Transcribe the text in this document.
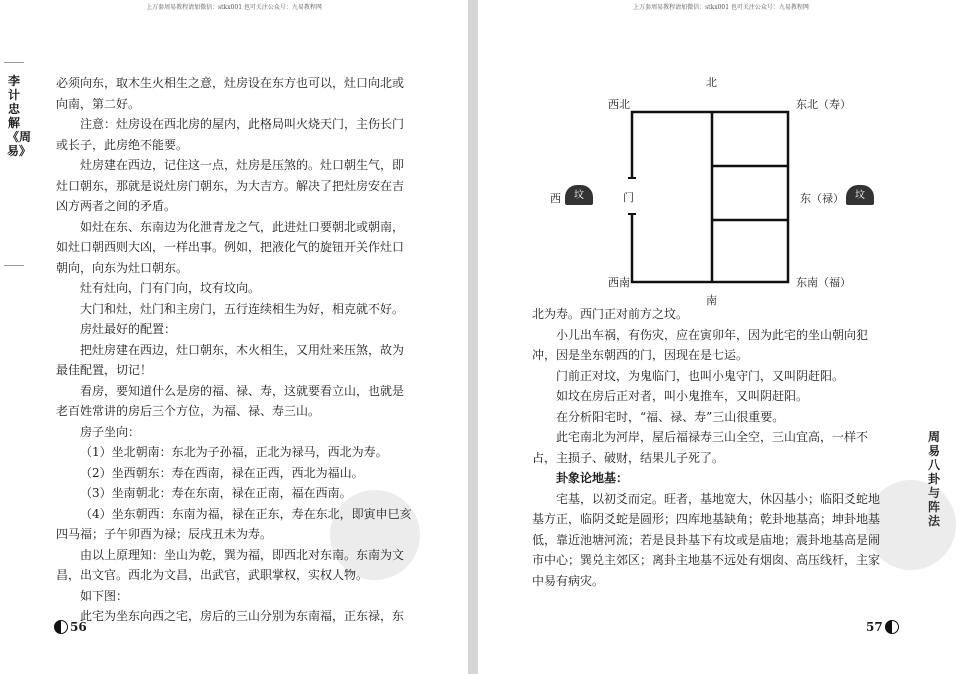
上万套周易教程请加微信：stkx001 也可关注公众号：九易教程网
李计忠解《周易》

必须向东，取木生火相生之意，灶房设在东方也可以，灶口向北或

向南，第二好。

注意：灶房设在西北房的屋内，此格局叫火烧天门，主伤长门

或长子，此房绝不能要。

灶房建在西边，记住这一点，灶房是压煞的。灶口朝生气，即

灶口朝东，那就是说灶房门朝东，为大吉方。解决了把灶房安在吉

凶方两者之间的矛盾。

如灶在东、东南边为化泄青龙之气，此进灶口要朝北或朝南，

如灶口朝西则大凶，一样出事。例如，把液化气的旋钮开关作灶口

朝向，向东为灶口朝东。

灶有灶向，门有门向，坟有坟向。

大门和灶，灶门和主房门，五行连续相生为好，相克就不好。

房灶最好的配置：

把灶房建在西边，灶口朝东，木火相生，又用灶来压煞，故为

最佳配置，切记！

看房，要知道什么是房的福、禄、寿，这就要看立山，也就是

老百姓常讲的房后三个方位，为福、禄、寿三山。

房子坐向：

（1）坐北朝南：东北为子孙福，正北为禄马，西北为寿。

（2）坐西朝东：寿在西南，禄在正西，西北为福山。

（3）坐南朝北：寿在东南，禄在正南，福在西南。

（4）坐东朝西：东南为福，禄在正东，寿在东北，即寅申巳亥

四马福；子午卯酉为禄；辰戌丑未为寿。

由以上原理知：坐山为乾，巽为福，即西北对东南。东南为文

昌，出文官。西北为文昌，出武官，武职掌权，实权人物。

如下图：

此宅为坐东向西之宅，房后的三山分别为东南福，正东禄，东

56
上万套周易教程请加微信：stkx001 也可关注公众号：九易教程网
周易八卦与阵法
北
西北	东北（寿）
西	坟	门	东（禄）	坟
西南	东南（福）
南

北为寿。西门正对前方之坟。

小儿出车祸，有伤灾，应在寅卯年，因为此宅的坐山朝向犯

冲，因是坐东朝西的门，因现在是七运。

门前正对坟，为鬼临门，也叫小鬼守门，又叫阴赶阳。

如坟在房后正对者，叫小鬼推车，又叫阴赶阳。

在分析阳宅时，“福、禄、寿”三山很重要。

此宅南北为河岸，屋后福禄寿三山全空，三山宜高，一样不

占，主损子、破财，结果儿子死了。

卦象论地基：

宅基，以初爻而定。旺者，基地宽大，休囚基小；临阳爻蛇地

基方正，临阴爻蛇是圆形；四库地基缺角；乾卦地基高；坤卦地基

低，靠近池塘河流；若是艮卦基下有坟或是庙地；震卦地基高是闹

市中心；巽兑主郊区；离卦主地基不远处有烟囱、高压线杆，主家

中易有病灾。

57
